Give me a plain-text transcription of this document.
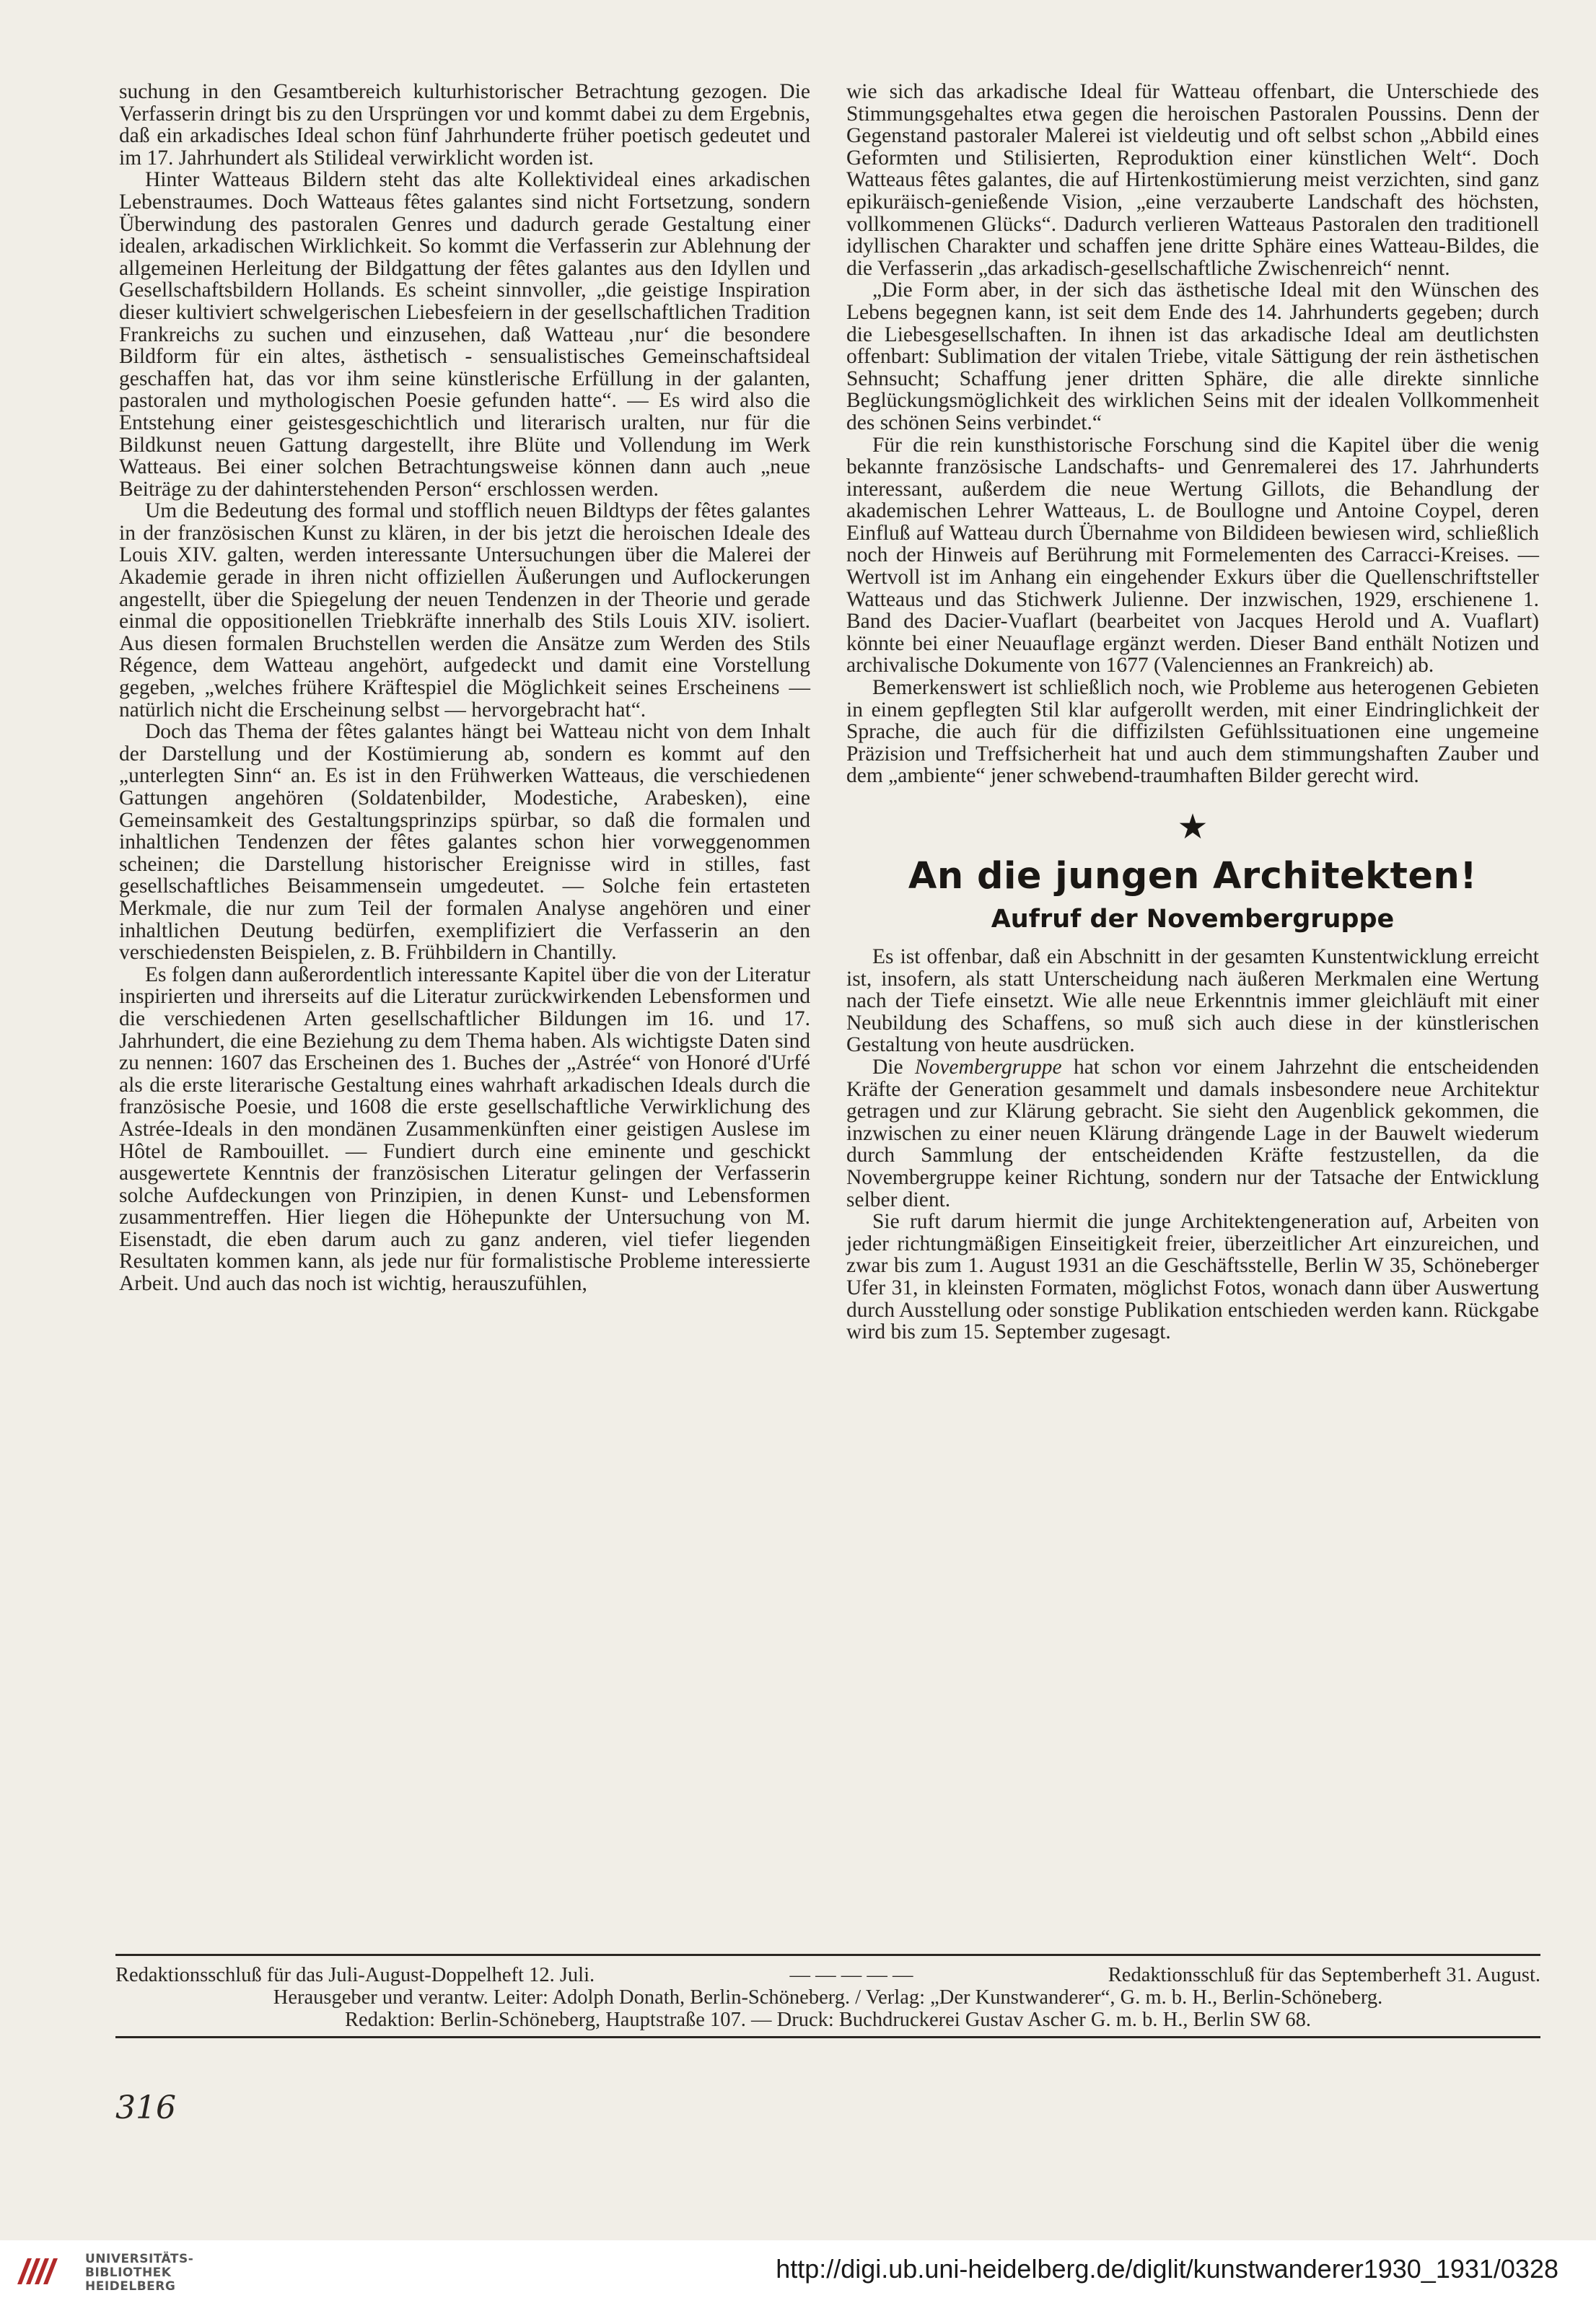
suchung in den Gesamtbereich kulturhistorischer Betrachtung gezogen. Die Verfasserin dringt bis zu den Ursprüngen vor und kommt dabei zu dem Ergebnis, daß ein arkadisches Ideal schon fünf Jahrhunderte früher poetisch gedeutet und im 17. Jahrhundert als Stilideal verwirklicht worden ist.

Hinter Watteaus Bildern steht das alte Kollektivideal eines arkadischen Lebenstraumes. Doch Watteaus fêtes galantes sind nicht Fortsetzung, sondern Überwindung des pastoralen Genres und dadurch gerade Gestaltung einer idealen, arkadischen Wirklichkeit. So kommt die Verfasserin zur Ablehnung der allgemeinen Herleitung der Bildgattung der fêtes galantes aus den Idyllen und Gesellschaftsbildern Hollands. Es scheint sinnvoller, „die geistige Inspiration dieser kultiviert schwelgerischen Liebesfeiern in der gesellschaftlichen Tradition Frankreichs zu suchen und einzusehen, daß Watteau ‚nur‘ die besondere Bildform für ein altes, ästhetisch - sensualistisches Gemeinschaftsideal geschaffen hat, das vor ihm seine künstlerische Erfüllung in der galanten, pastoralen und mythologischen Poesie gefunden hatte“. — Es wird also die Entstehung einer geistesgeschichtlich und literarisch uralten, nur für die Bildkunst neuen Gattung dargestellt, ihre Blüte und Vollendung im Werk Watteaus. Bei einer solchen Betrachtungsweise können dann auch „neue Beiträge zu der dahinterstehenden Person“ erschlossen werden.

Um die Bedeutung des formal und stofflich neuen Bildtyps der fêtes galantes in der französischen Kunst zu klären, in der bis jetzt die heroischen Ideale des Louis XIV. galten, werden interessante Untersuchungen über die Malerei der Akademie gerade in ihren nicht offiziellen Äußerungen und Auflockerungen angestellt, über die Spiegelung der neuen Tendenzen in der Theorie und gerade einmal die oppositionellen Triebkräfte innerhalb des Stils Louis XIV. isoliert. Aus diesen formalen Bruchstellen werden die Ansätze zum Werden des Stils Régence, dem Watteau angehört, aufgedeckt und damit eine Vorstellung gegeben, „welches frühere Kräftespiel die Möglichkeit seines Erscheinens — natürlich nicht die Erscheinung selbst — hervorgebracht hat“.

Doch das Thema der fêtes galantes hängt bei Watteau nicht von dem Inhalt der Darstellung und der Kostümierung ab, sondern es kommt auf den „unterlegten Sinn“ an. Es ist in den Frühwerken Watteaus, die verschiedenen Gattungen angehören (Soldatenbilder, Modestiche, Arabesken), eine Gemeinsamkeit des Gestaltungsprinzips spürbar, so daß die formalen und inhaltlichen Tendenzen der fêtes galantes schon hier vorweggenommen scheinen; die Darstellung historischer Ereignisse wird in stilles, fast gesellschaftliches Beisammensein umgedeutet. — Solche fein ertasteten Merkmale, die nur zum Teil der formalen Analyse angehören und einer inhaltlichen Deutung bedürfen, exemplifiziert die Verfasserin an den verschiedensten Beispielen, z. B. Frühbildern in Chantilly.

Es folgen dann außerordentlich interessante Kapitel über die von der Literatur inspirierten und ihrerseits auf die Literatur zurückwirkenden Lebensformen und die verschiedenen Arten gesellschaftlicher Bildungen im 16. und 17. Jahrhundert, die eine Beziehung zu dem Thema haben. Als wichtigste Daten sind zu nennen: 1607 das Erscheinen des 1. Buches der „Astrée“ von Honoré d'Urfé als die erste literarische Gestaltung eines wahrhaft arkadischen Ideals durch die französische Poesie, und 1608 die erste gesellschaftliche Verwirklichung des Astrée-Ideals in den mondänen Zusammenkünften einer geistigen Auslese im Hôtel de Rambouillet. — Fundiert durch eine eminente und geschickt ausgewertete Kenntnis der französischen Literatur gelingen der Verfasserin solche Aufdeckungen von Prinzipien, in denen Kunst- und Lebensformen zusammentreffen. Hier liegen die Höhepunkte der Untersuchung von M. Eisenstadt, die eben darum auch zu ganz anderen, viel tiefer liegenden Resultaten kommen kann, als jede nur für formalistische Probleme interessierte Arbeit. Und auch das noch ist wichtig, herauszufühlen,

wie sich das arkadische Ideal für Watteau offenbart, die Unterschiede des Stimmungsgehaltes etwa gegen die heroischen Pastoralen Poussins. Denn der Gegenstand pastoraler Malerei ist vieldeutig und oft selbst schon „Abbild eines Geformten und Stilisierten, Reproduktion einer künstlichen Welt“. Doch Watteaus fêtes galantes, die auf Hirtenkostümierung meist verzichten, sind ganz epikuräisch-genießende Vision, „eine verzauberte Landschaft des höchsten, vollkommenen Glücks“. Dadurch verlieren Watteaus Pastoralen den traditionell idyllischen Charakter und schaffen jene dritte Sphäre eines Watteau-Bildes, die die Verfasserin „das arkadisch-gesellschaftliche Zwischenreich“ nennt.

„Die Form aber, in der sich das ästhetische Ideal mit den Wünschen des Lebens begegnen kann, ist seit dem Ende des 14. Jahrhunderts gegeben; durch die Liebesgesellschaften. In ihnen ist das arkadische Ideal am deutlichsten offenbart: Sublimation der vitalen Triebe, vitale Sättigung der rein ästhetischen Sehnsucht; Schaffung jener dritten Sphäre, die alle direkte sinnliche Beglückungsmöglichkeit des wirklichen Seins mit der idealen Vollkommenheit des schönen Seins verbindet.“

Für die rein kunsthistorische Forschung sind die Kapitel über die wenig bekannte französische Landschafts- und Genremalerei des 17. Jahrhunderts interessant, außerdem die neue Wertung Gillots, die Behandlung der akademischen Lehrer Watteaus, L. de Boullogne und Antoine Coypel, deren Einfluß auf Watteau durch Übernahme von Bildideen bewiesen wird, schließlich noch der Hinweis auf Berührung mit Formelementen des Carracci-Kreises. — Wertvoll ist im Anhang ein eingehender Exkurs über die Quellenschriftsteller Watteaus und das Stichwerk Julienne. Der inzwischen, 1929, erschienene 1. Band des Dacier-Vuaflart (bearbeitet von Jacques Herold und A. Vuaflart) könnte bei einer Neuauflage ergänzt werden. Dieser Band enthält Notizen und archivalische Dokumente von 1677 (Valenciennes an Frankreich) ab.

Bemerkenswert ist schließlich noch, wie Probleme aus heterogenen Gebieten in einem gepflegten Stil klar aufgerollt werden, mit einer Eindringlichkeit der Sprache, die auch für die diffizilsten Gefühlssituationen eine ungemeine Präzision und Treffsicherheit hat und auch dem stimmungshaften Zauber und dem „ambiente“ jener schwebend-traumhaften Bilder gerecht wird.

★
An die jungen Architekten!
Aufruf der Novembergruppe

Es ist offenbar, daß ein Abschnitt in der gesamten Kunstentwicklung erreicht ist, insofern, als statt Unterscheidung nach äußeren Merkmalen eine Wertung nach der Tiefe einsetzt. Wie alle neue Erkenntnis immer gleichläuft mit einer Neubildung des Schaffens, so muß sich auch diese in der künstlerischen Gestaltung von heute ausdrücken.

Die Novembergruppe hat schon vor einem Jahrzehnt die entscheidenden Kräfte der Generation gesammelt und damals insbesondere neue Architektur getragen und zur Klärung gebracht. Sie sieht den Augenblick gekommen, die inzwischen zu einer neuen Klärung drängende Lage in der Bauwelt wiederum durch Sammlung der entscheidenden Kräfte festzustellen, da die Novembergruppe keiner Richtung, sondern nur der Tatsache der Entwicklung selber dient.

Sie ruft darum hiermit die junge Architektengeneration auf, Arbeiten von jeder richtungmäßigen Einseitigkeit freier, überzeitlicher Art einzureichen, und zwar bis zum 1. August 1931 an die Geschäftsstelle, Berlin W 35, Schöneberger Ufer 31, in kleinsten Formaten, möglichst Fotos, wonach dann über Auswertung durch Ausstellung oder sonstige Publikation entschieden werden kann. Rückgabe wird bis zum 15. September zugesagt.

Redaktionsschluß für das Juli-August-Doppelheft 12. Juli.	— — — — —	Redaktionsschluß für das Septemberheft 31. August.
Herausgeber und verantw. Leiter: Adolph Donath, Berlin-Schöneberg. / Verlag: „Der Kunstwanderer“, G. m. b. H., Berlin-Schöneberg.
Redaktion: Berlin-Schöneberg, Hauptstraße 107. — Druck: Buchdruckerei Gustav Ascher G. m. b. H., Berlin SW 68.
316
UNIVERSITÄTS-
BIBLIOTHEK
HEIDELBERG
http://digi.ub.uni-heidelberg.de/diglit/kunstwanderer1930_1931/0328
